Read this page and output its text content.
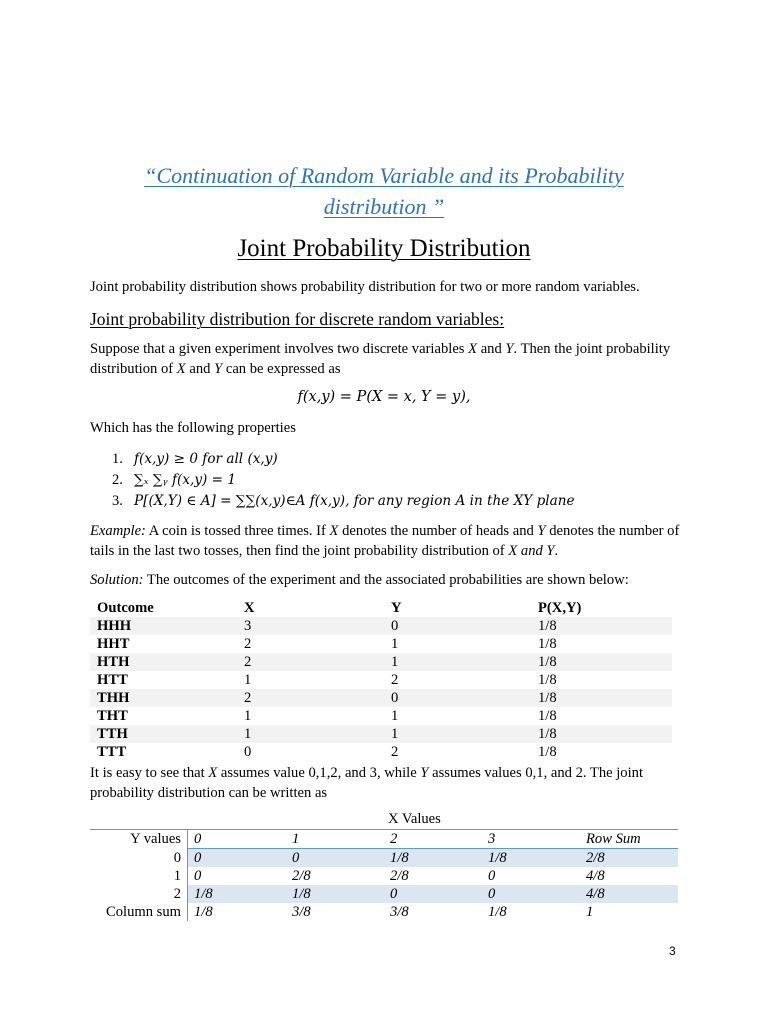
“Continuation of Random Variable and its Probability
distribution ”
Joint Probability Distribution
Joint probability distribution shows probability distribution for two or more random variables.
Joint probability distribution for discrete random variables:
Suppose that a given experiment involves two discrete variables X and Y. Then the joint probability distribution of X and Y can be expressed as
f(x,y) = P(X = x, Y = y),
Which has the following properties
1. f(x,y) ≥ 0 for all (x,y)
2. ∑ₓ ∑ᵧ f(x,y) = 1
3. P[(X,Y) ∈ A] = ∑∑(x,y)∈A f(x,y), for any region A in the XY plane
Example: A coin is tossed three times. If X denotes the number of heads and Y denotes the number of tails in the last two tosses, then find the joint probability distribution of X and Y.
Solution: The outcomes of the experiment and the associated probabilities are shown below:
Outcome	X	Y	P(X,Y)
HHH	3	0	1/8
HHT	2	1	1/8
HTH	2	1	1/8
HTT	1	2	1/8
THH	2	0	1/8
THT	1	1	1/8
TTH	1	1	1/8
TTT	0	2	1/8
It is easy to see that X assumes value 0,1,2, and 3, while Y assumes values 0,1, and 2. The joint probability distribution can be written as
X Values
Y values	0	1	2	3	Row Sum
0	0	0	1/8	1/8	2/8
1	0	2/8	2/8	0	4/8
2	1/8	1/8	0	0	4/8
Column sum	1/8	3/8	3/8	1/8	1
3
